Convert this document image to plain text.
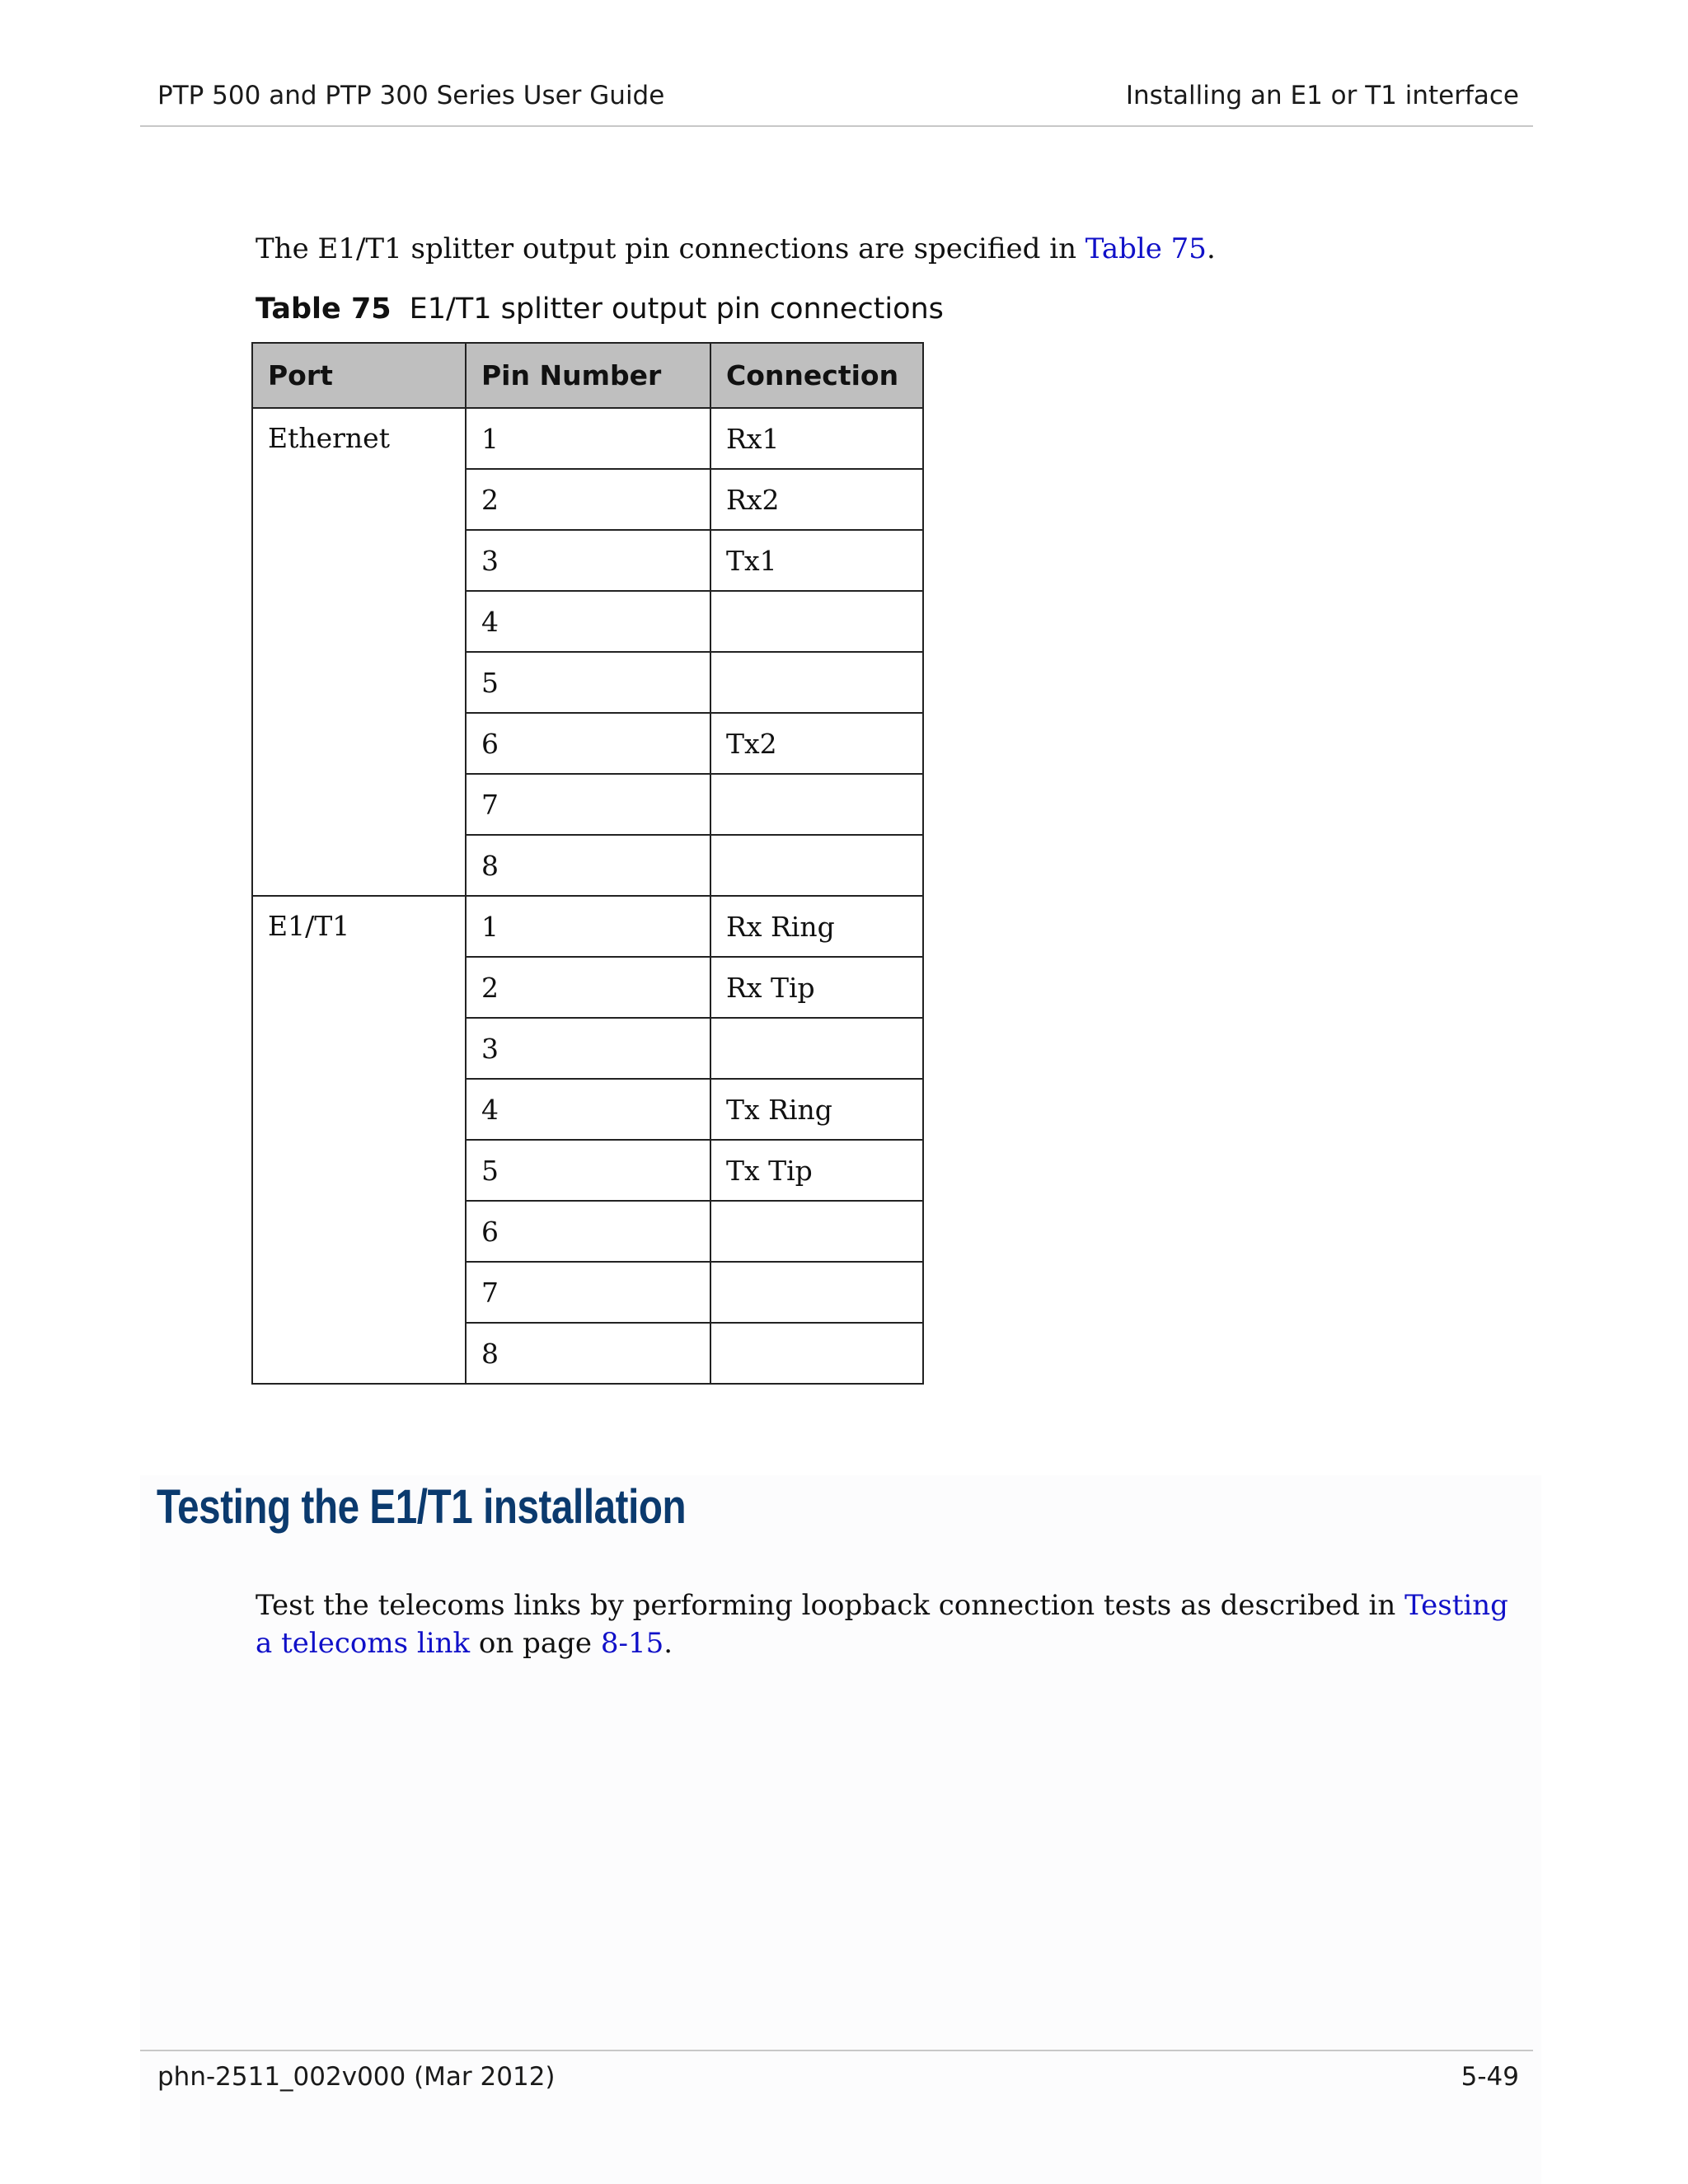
PTP 500 and PTP 300 Series User Guide	Installing an E1 or T1 interface

The E1/T1 splitter output pin connections are specified in Table 75.

Table 75 E1/T1 splitter output pin connections
Port	Pin Number	Connection
Ethernet	1	Rx1
	2	Rx2
	3	Tx1
	4	
	5	
	6	Tx2
	7	
	8	
E1/T1	1	Rx Ring
	2	Rx Tip
	3	
	4	Tx Ring
	5	Tx Tip
	6	
	7	
	8	
Testing the E1/T1 installation

Test the telecoms links by performing loopback connection tests as described in Testing a telecoms link on page 8-15.

phn-2511_002v000 (Mar 2012)	5-49
